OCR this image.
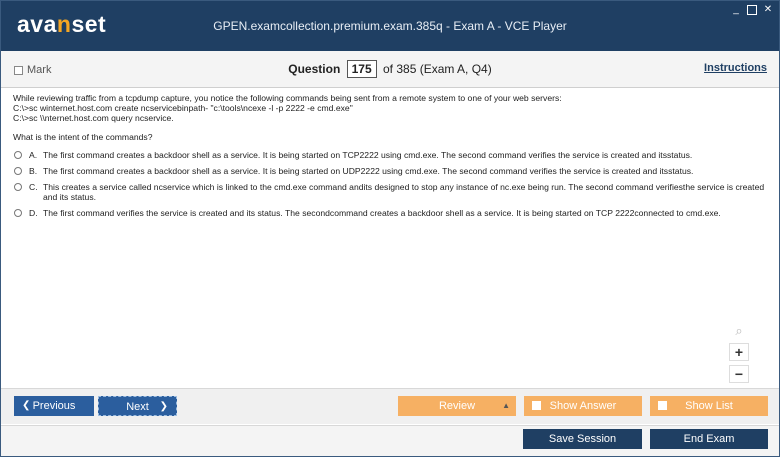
avanset	GPEN.examcollection.premium.exam.385q - Exam A - VCE Player
_	✕
Mark	Question 175 of 385 (Exam A, Q4)	Instructions
While reviewing traffic from a tcpdump capture, you notice the following commands being sent from a remote system to one of your web servers:
C:\>sc winternet.host.com create ncservicebinpath- "c:\tools\ncexe -l -p 2222 -e cmd.exe"
C:\>sc \\nternet.host.com query ncservice.
What is the intent of the commands?
A. The first command creates a backdoor shell as a service. It is being started on TCP2222 using cmd.exe. The second command verifies the service is created and itsstatus.
B. The first command creates a backdoor shell as a service. It is being started on UDP2222 using cmd.exe. The second command verifies the service is created and itsstatus.
C. This creates a service called ncservice which is linked to the cmd.exe command andits designed to stop any instance of nc.exe being run. The second command verifiesthe service is created and its status.
D. The first command verifies the service is created and its status. The secondcommand creates a backdoor shell as a service. It is being started on TCP 2222connected to cmd.exe.
⌕
+
−
❮ Previous	Next ❯	Review	▲	Show Answer	Show List
Save Session	End Exam
